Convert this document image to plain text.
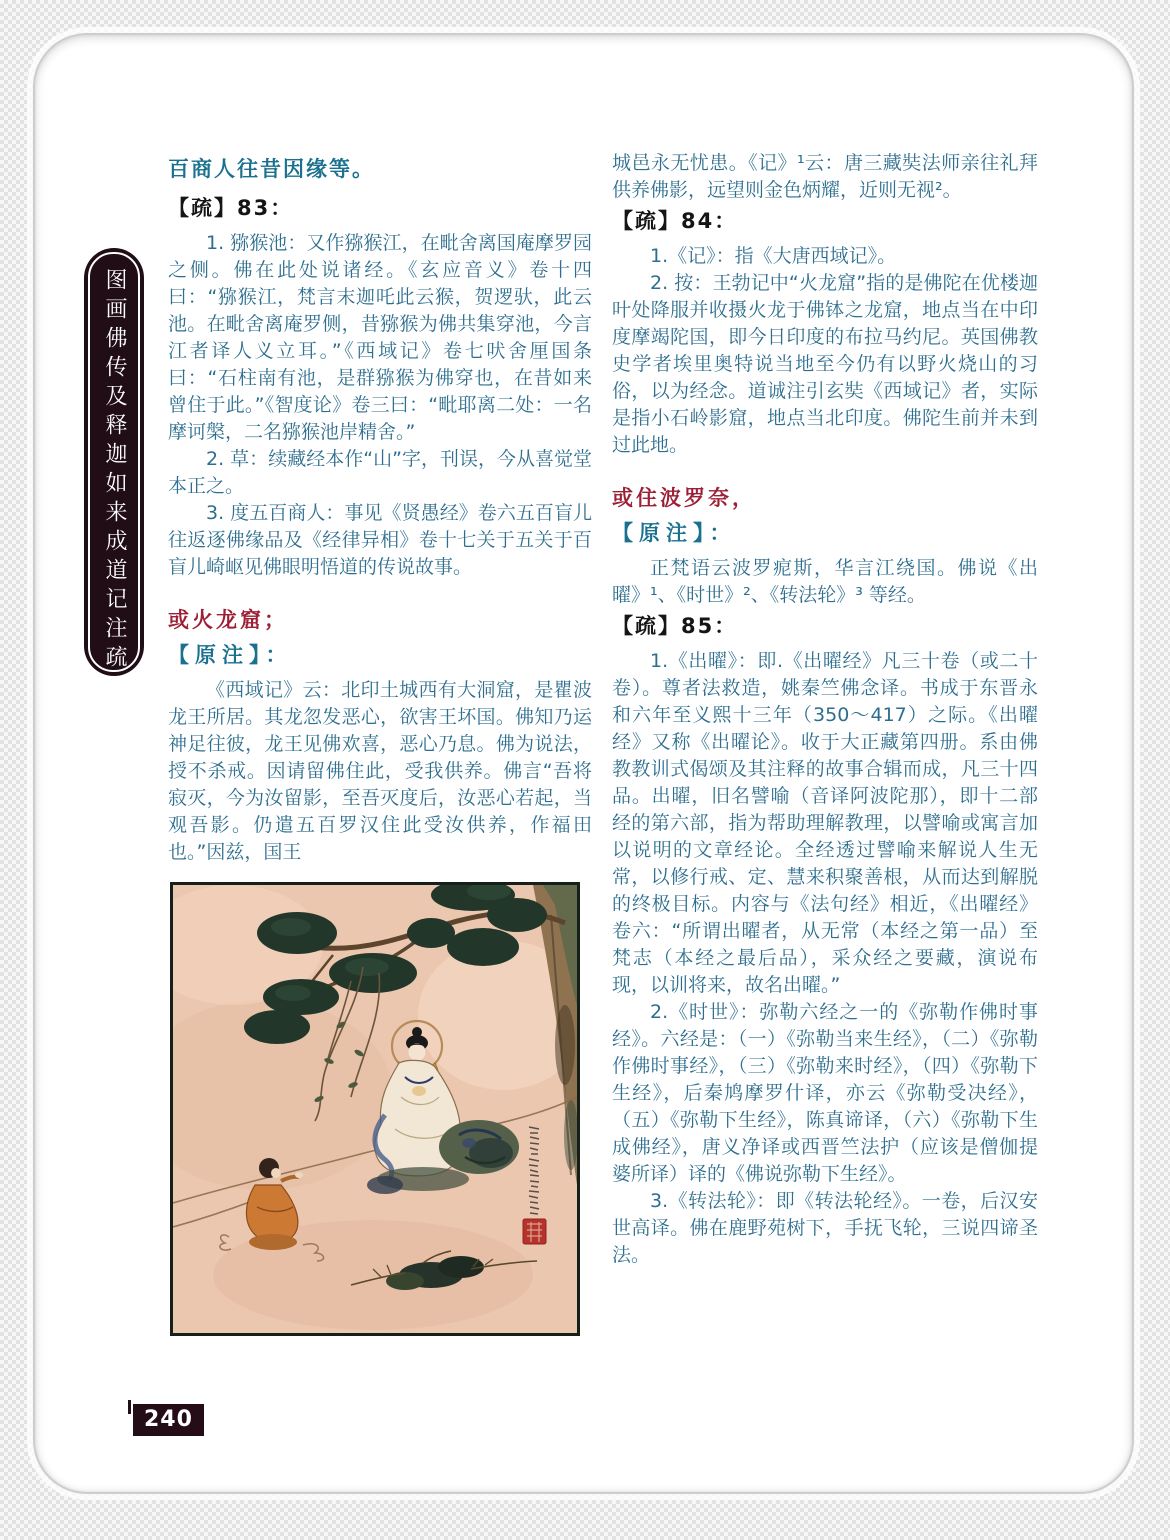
图画佛传及释迦如来成道记注疏
百商人往昔因缘等。
【疏】83：

1. 猕猴池：又作猕猴江，在毗舍离国庵摩罗园之侧。佛在此处说诸经。《玄应音义》卷十四曰：“猕猴江，梵言末迦吒此云猴，贺逻驮，此云池。在毗舍离庵罗侧，昔猕猴为佛共集穿池，今言江者译人义立耳。”《西域记》卷七吠舍厘国条曰：“石柱南有池，是群猕猴为佛穿也，在昔如来曾住于此。”《智度论》卷三曰：“毗耶离二处：一名摩诃槃，二名猕猴池岸精舍。”

2. 草：续藏经本作“山”字，刊误，今从喜觉堂本正之。

3. 度五百商人：事见《贤愚经》卷六五百盲儿往返逐佛缘品及《经律异相》卷十七关于五关于百盲儿崎岖见佛眼明悟道的传说故事。

或火龙窟；
【原注】：

《西域记》云：北印土城西有大洞窟，是瞿波龙王所居。其龙忽发恶心，欲害王坏国。佛知乃运神足往彼，龙王见佛欢喜，恶心乃息。佛为说法，授不杀戒。因请留佛住此，受我供养。佛言“吾将寂灭，今为汝留影，至吾灭度后，汝恶心若起，当观吾影。仍遣五百罗汉住此受汝供养，作福田也。”因兹，国王

城邑永无忧患。《记》¹云：唐三藏奘法师亲往礼拜供养佛影，远望则金色炳耀，近则无视²。

【疏】84：

1.《记》：指《大唐西域记》。

2. 按：王勃记中“火龙窟”指的是佛陀在优楼迦叶处降服并收摄火龙于佛钵之龙窟，地点当在中印度摩竭陀国，即今日印度的布拉马约尼。英国佛教史学者埃里奥特说当地至今仍有以野火烧山的习俗，以为经念。道诚注引玄奘《西域记》者，实际是指小石岭影窟，地点当北印度。佛陀生前并未到过此地。

或住波罗奈，
【原注】：

正梵语云波罗痆斯，华言江绕国。佛说《出曜》¹、《时世》²、《转法轮》³ 等经。

【疏】85：

1.《出曜》：即.《出曜经》凡三十卷（或二十卷）。尊者法救造，姚秦竺佛念译。书成于东晋永和六年至义熙十三年（350～417）之际。《出曜经》又称《出曜论》。收于大正藏第四册。系由佛教教训式偈颂及其注释的故事合辑而成，凡三十四品。出曜，旧名譬喻（音译阿波陀那），即十二部经的第六部，指为帮助理解教理，以譬喻或寓言加以说明的文章经论。全经透过譬喻来解说人生无常，以修行戒、定、慧来积聚善根，从而达到解脱的终极目标。内容与《法句经》相近，《出曜经》卷六：“所谓出曜者，从无常（本经之第一品）至梵志（本经之最后品），采众经之要藏，演说布现，以训将来，故名出曜。”

2.《时世》：弥勒六经之一的《弥勒作佛时事经》。六经是：（一）《弥勒当来生经》，（二）《弥勒作佛时事经》，（三）《弥勒来时经》，（四）《弥勒下生经》，后秦鸠摩罗什译，亦云《弥勒受决经》，（五）《弥勒下生经》，陈真谛译，（六）《弥勒下生成佛经》，唐义净译或西晋竺法护（应该是僧伽提婆所译）译的《佛说弥勒下生经》。

3.《转法轮》：即《转法轮经》。一卷，后汉安世高译。佛在鹿野苑树下，手抚飞轮，三说四谛圣法。

240
